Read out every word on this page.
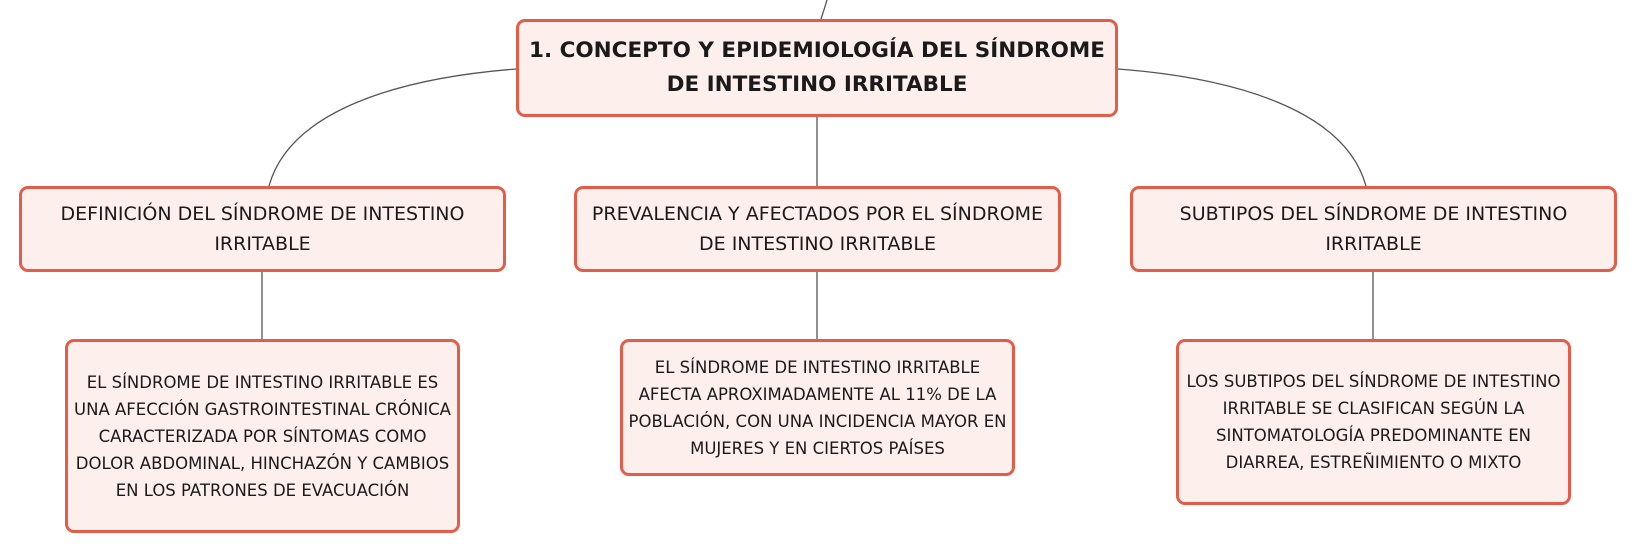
1. CONCEPTO Y EPIDEMIOLOGÍA DEL SÍNDROME DE INTESTINO IRRITABLE
DEFINICIÓN DEL SÍNDROME DE INTESTINO IRRITABLE
PREVALENCIA Y AFECTADOS POR EL SÍNDROME DE INTESTINO IRRITABLE
SUBTIPOS DEL SÍNDROME DE INTESTINO IRRITABLE
EL SÍNDROME DE INTESTINO IRRITABLE ES UNA AFECCIÓN GASTROINTESTINAL CRÓNICA CARACTERIZADA POR SÍNTOMAS COMO DOLOR ABDOMINAL, HINCHAZÓN Y CAMBIOS EN LOS PATRONES DE EVACUACIÓN
EL SÍNDROME DE INTESTINO IRRITABLE AFECTA APROXIMADAMENTE AL 11% DE LA POBLACIÓN, CON UNA INCIDENCIA MAYOR EN MUJERES Y EN CIERTOS PAÍSES
LOS SUBTIPOS DEL SÍNDROME DE INTESTINO IRRITABLE SE CLASIFICAN SEGÚN LA SINTOMATOLOGÍA PREDOMINANTE EN DIARREA, ESTREÑIMIENTO O MIXTO
